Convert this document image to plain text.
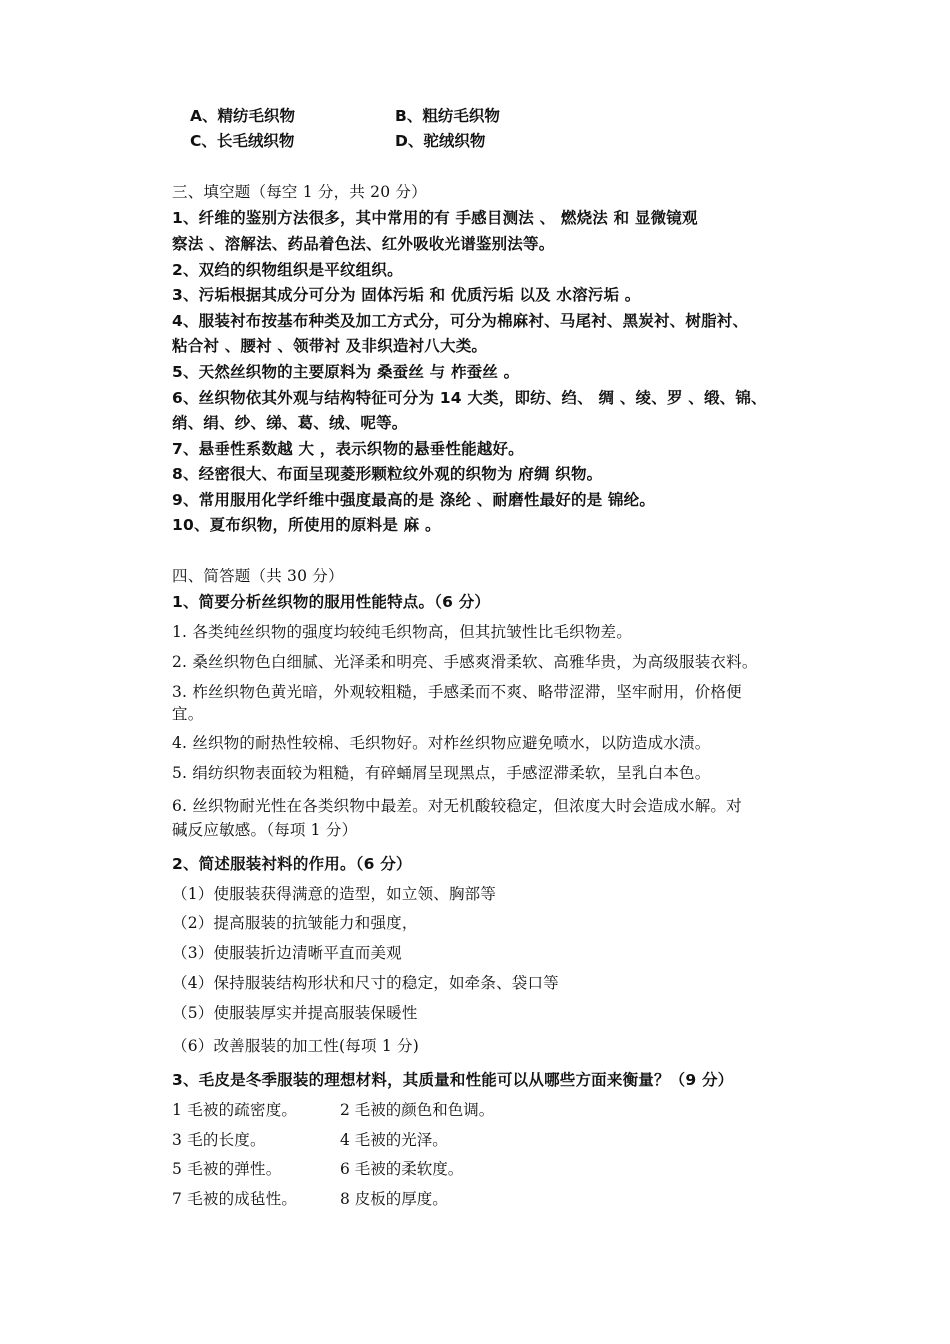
A、精纺毛织物	B、粗纺毛织物
C、长毛绒织物	D、驼绒织物
三、填空题（每空 1 分，共 20 分）
1、纤维的鉴别方法很多，其中常用的有 手感目测法 、 燃烧法 和 显微镜观
察法 、溶解法、药品着色法、红外吸收光谱鉴别法等。
2、双绉的织物组织是平纹组织。
3、污垢根据其成分可分为 固体污垢 和 优质污垢 以及 水溶污垢 。
4、服装衬布按基布种类及加工方式分，可分为棉麻衬、马尾衬、黑炭衬、树脂衬、
粘合衬 、腰衬 、领带衬 及非织造衬八大类。
5、天然丝织物的主要原料为 桑蚕丝 与 柞蚕丝 。
6、丝织物依其外观与结构特征可分为 14 大类，即纺、绉、 绸 、绫、罗 、缎、锦、
绡、绢、纱、绨、葛、绒、呢等。
7、悬垂性系数越 大 ，表示织物的悬垂性能越好。
8、经密很大、布面呈现菱形颗粒纹外观的织物为 府绸 织物。
9、常用服用化学纤维中强度最高的是 涤纶 、耐磨性最好的是 锦纶。
10、夏布织物，所使用的原料是 麻 。
四、简答题（共 30 分）
1、简要分析丝织物的服用性能特点。（6 分）
1. 各类纯丝织物的强度均较纯毛织物高，但其抗皱性比毛织物差。
2. 桑丝织物色白细腻、光泽柔和明亮、手感爽滑柔软、高雅华贵，为高级服装衣料。
3. 柞丝织物色黄光暗，外观较粗糙，手感柔而不爽、略带涩滞，坚牢耐用，价格便
宜。
4. 丝织物的耐热性较棉、毛织物好。对柞丝织物应避免喷水，以防造成水渍。
5. 绢纺织物表面较为粗糙，有碎蛹屑呈现黑点，手感涩滞柔软，呈乳白本色。
6. 丝织物耐光性在各类织物中最差。对无机酸较稳定，但浓度大时会造成水解。对
碱反应敏感。（每项 1 分）
2、简述服装衬料的作用。（6 分）
（1）使服装获得满意的造型，如立领、胸部等
（2）提高服装的抗皱能力和强度，
（3）使服装折边清晰平直而美观
（4）保持服装结构形状和尺寸的稳定，如牵条、袋口等
（5）使服装厚实并提高服装保暖性
（6）改善服装的加工性(每项 1 分)
3、毛皮是冬季服装的理想材料，其质量和性能可以从哪些方面来衡量？（9 分）
1 毛被的疏密度。	2 毛被的颜色和色调。
3 毛的长度。	4 毛被的光泽。
5 毛被的弹性。	6 毛被的柔软度。
7 毛被的成毡性。	8 皮板的厚度。
